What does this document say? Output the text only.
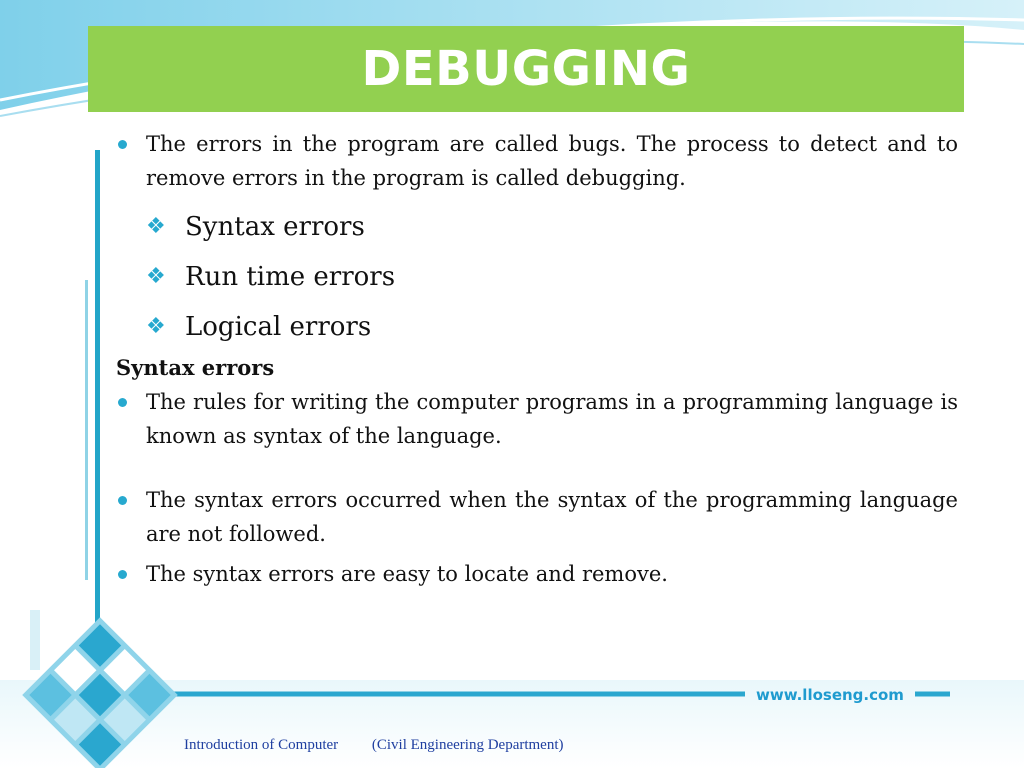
DEBUGGING
The errors in the program are called bugs. The process to detect and to remove errors in the program is called debugging.
❖ Syntax errors
❖ Run time errors
❖ Logical errors
Syntax errors
The rules for writing the computer programs in a programming language is known as syntax of the language.
The syntax errors occurred when the syntax of the programming language are not followed.
The syntax errors are easy to locate and remove.
www.lloseng.com
Introduction of Computer (Civil Engineering Department)
